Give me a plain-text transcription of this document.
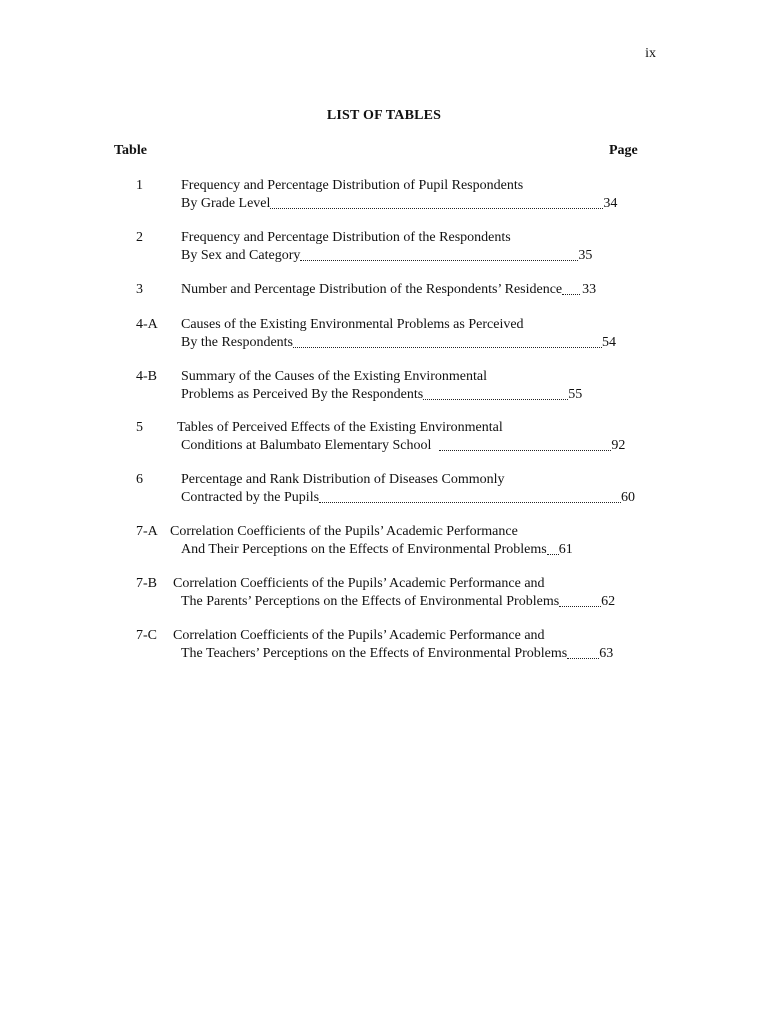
ix
LIST OF TABLES
Table	Page
1	Frequency and Percentage Distribution of Pupil Respondents
By Grade Level	34
2	Frequency and Percentage Distribution of the Respondents
By Sex and Category	35
3	Number and Percentage Distribution of the Respondents’ Residence 33
4-A Causes of the Existing Environmental Problems as Perceived
By the Respondents	54
4-B Summary of the Causes of the Existing Environmental
Problems as Perceived By the Respondents	55
5 Tables of Perceived Effects of the Existing Environmental
Conditions at Balumbato Elementary School	92
6	Percentage and Rank Distribution of Diseases Commonly
Contracted by the Pupils	60
7-A Correlation Coefficients of the Pupils’ Academic Performance
And Their Perceptions on the Effects of Environmental Problems 61
7-B Correlation Coefficients of the Pupils’ Academic Performance and
The Parents’ Perceptions on the Effects of Environmental Problems	62
7-C Correlation Coefficients of the Pupils’ Academic Performance and
The Teachers’ Perceptions on the Effects of Environmental Problems 63
